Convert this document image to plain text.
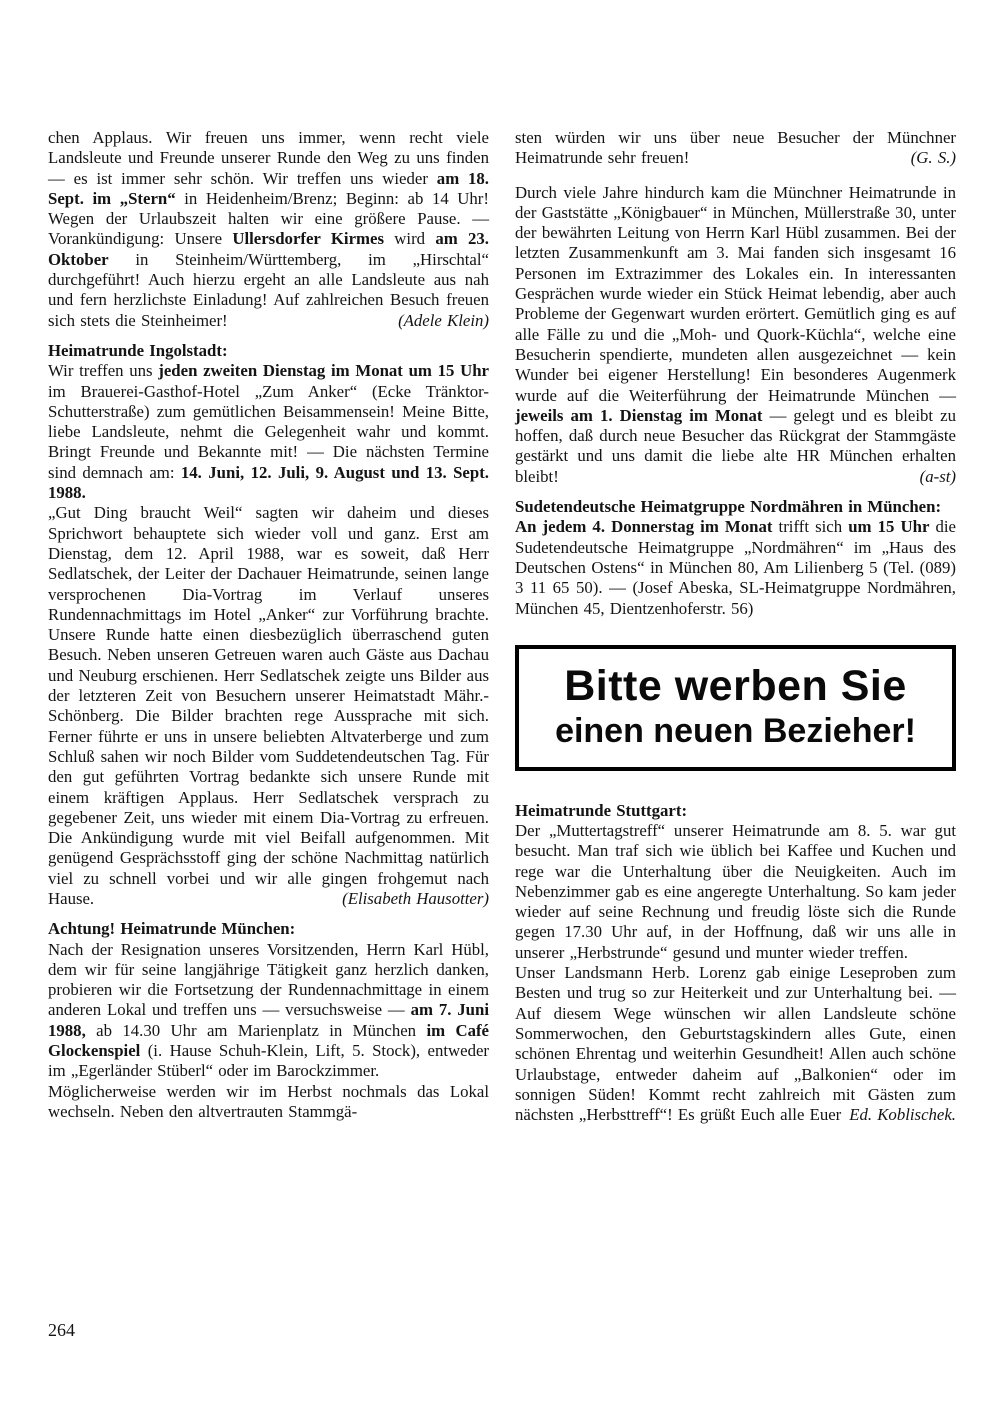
chen Applaus. Wir freuen uns immer, wenn recht viele Landsleute und Freunde unserer Runde den Weg zu uns finden — es ist immer sehr schön. Wir treffen uns wieder am 18. Sept. im „Stern“ in Heidenheim/Brenz; Beginn: ab 14 Uhr! Wegen der Urlaubszeit halten wir eine größere Pause. — Vorankündigung: Unsere Ullersdorfer Kirmes wird am 23. Oktober in Steinheim/Württemberg, im „Hirschtal“ durchgeführt! Auch hierzu ergeht an alle Landsleute aus nah und fern herzlichste Einladung! Auf zahlreichen Besuch freuen sich stets die Steinheimer!	(Adele Klein)

Heimatrunde Ingolstadt:

Wir treffen uns jeden zweiten Dienstag im Monat um 15 Uhr im Brauerei-Gasthof-Hotel „Zum Anker“ (Ecke Tränktor-Schutterstraße) zum gemütlichen Beisammensein! Meine Bitte, liebe Landsleute, nehmt die Gelegenheit wahr und kommt. Bringt Freunde und Bekannte mit! — Die nächsten Termine sind demnach am: 14. Juni, 12. Juli, 9. August und 13. Sept. 1988.

„Gut Ding braucht Weil“ sagten wir daheim und dieses Sprichwort behauptete sich wieder voll und ganz. Erst am Dienstag, dem 12. April 1988, war es soweit, daß Herr Sedlatschek, der Leiter der Dachauer Heimatrunde, seinen lange versprochenen Dia-Vortrag im Verlauf unseres Rundennachmittags im Hotel „Anker“ zur Vorführung brachte. Unsere Runde hatte einen diesbezüglich überraschend guten Besuch. Neben unseren Getreuen waren auch Gäste aus Dachau und Neuburg erschienen. Herr Sedlatschek zeigte uns Bilder aus der letzteren Zeit von Besuchern unserer Heimatstadt Mähr.-Schönberg. Die Bilder brachten rege Aussprache mit sich. Ferner führte er uns in unsere beliebten Altvaterberge und zum Schluß sahen wir noch Bilder vom Suddetendeutschen Tag. Für den gut geführten Vortrag bedankte sich unsere Runde mit einem kräftigen Applaus. Herr Sedlatschek versprach zu gegebener Zeit, uns wieder mit einem Dia-Vortrag zu erfreuen. Die Ankündigung wurde mit viel Beifall aufgenommen. Mit genügend Gesprächsstoff ging der schöne Nachmittag natürlich viel zu schnell vorbei und wir alle gingen frohgemut nach Hause.	(Elisabeth Hausotter)

Achtung! Heimatrunde München:

Nach der Resignation unseres Vorsitzenden, Herrn Karl Hübl, dem wir für seine langjährige Tätigkeit ganz herzlich danken, probieren wir die Fortsetzung der Rundennachmittage in einem anderen Lokal und treffen uns — versuchsweise — am 7. Juni 1988, ab 14.30 Uhr am Marienplatz in München im Café Glockenspiel (i. Hause Schuh-Klein, Lift, 5. Stock), entweder im „Egerländer Stüberl“ oder im Barockzimmer.

Möglicherweise werden wir im Herbst nochmals das Lokal wechseln. Neben den altvertrauten Stammgä-

sten würden wir uns über neue Besucher der Münchner Heimatrunde sehr freuen!	(G. S.)

Durch viele Jahre hindurch kam die Münchner Heimatrunde in der Gaststätte „Königbauer“ in München, Müllerstraße 30, unter der bewährten Leitung von Herrn Karl Hübl zusammen. Bei der letzten Zusammenkunft am 3. Mai fanden sich insgesamt 16 Personen im Extrazimmer des Lokales ein. In interessanten Gesprächen wurde wieder ein Stück Heimat lebendig, aber auch Probleme der Gegenwart wurden erörtert. Gemütlich ging es auf alle Fälle zu und die „Moh- und Quork-Küchla“, welche eine Besucherin spendierte, mundeten allen ausgezeichnet — kein Wunder bei eigener Herstellung! Ein besonderes Augenmerk wurde auf die Weiterführung der Heimatrunde München — jeweils am 1. Dienstag im Monat — gelegt und es bleibt zu hoffen, daß durch neue Besucher das Rückgrat der Stammgäste gestärkt und uns damit die liebe alte HR München erhalten bleibt!	(a-st)

Sudetendeutsche Heimatgruppe Nordmähren in München:

An jedem 4. Donnerstag im Monat trifft sich um 15 Uhr die Sudetendeutsche Heimatgruppe „Nordmähren“ im „Haus des Deutschen Ostens“ in München 80, Am Lilienberg 5 (Tel. (089) 3 11 65 50). — (Josef Abeska, SL-Heimatgruppe Nordmähren, München 45, Dientzenhoferstr. 56)

Bitte werben Sie
einen neuen Bezieher!

Heimatrunde Stuttgart:

Der „Muttertagstreff“ unserer Heimatrunde am 8. 5. war gut besucht. Man traf sich wie üblich bei Kaffee und Kuchen und rege war die Unterhaltung über die Neuigkeiten. Auch im Nebenzimmer gab es eine angeregte Unterhaltung. So kam jeder wieder auf seine Rechnung und freudig löste sich die Runde gegen 17.30 Uhr auf, in der Hoffnung, daß wir uns alle in unserer „Herbstrunde“ gesund und munter wieder treffen.

Unser Landsmann Herb. Lorenz gab einige Leseproben zum Besten und trug so zur Heiterkeit und zur Unterhaltung bei. — Auf diesem Wege wünschen wir allen Landsleute schöne Sommerwochen, den Geburtstagskindern alles Gute, einen schönen Ehrentag und weiterhin Gesundheit! Allen auch schöne Urlaubstage, entweder daheim auf „Balkonien“ oder im sonnigen Süden! Kommt recht zahlreich mit Gästen zum nächsten „Herbsttreff“! Es grüßt Euch alle Euer Ed. Koblischek.

264
